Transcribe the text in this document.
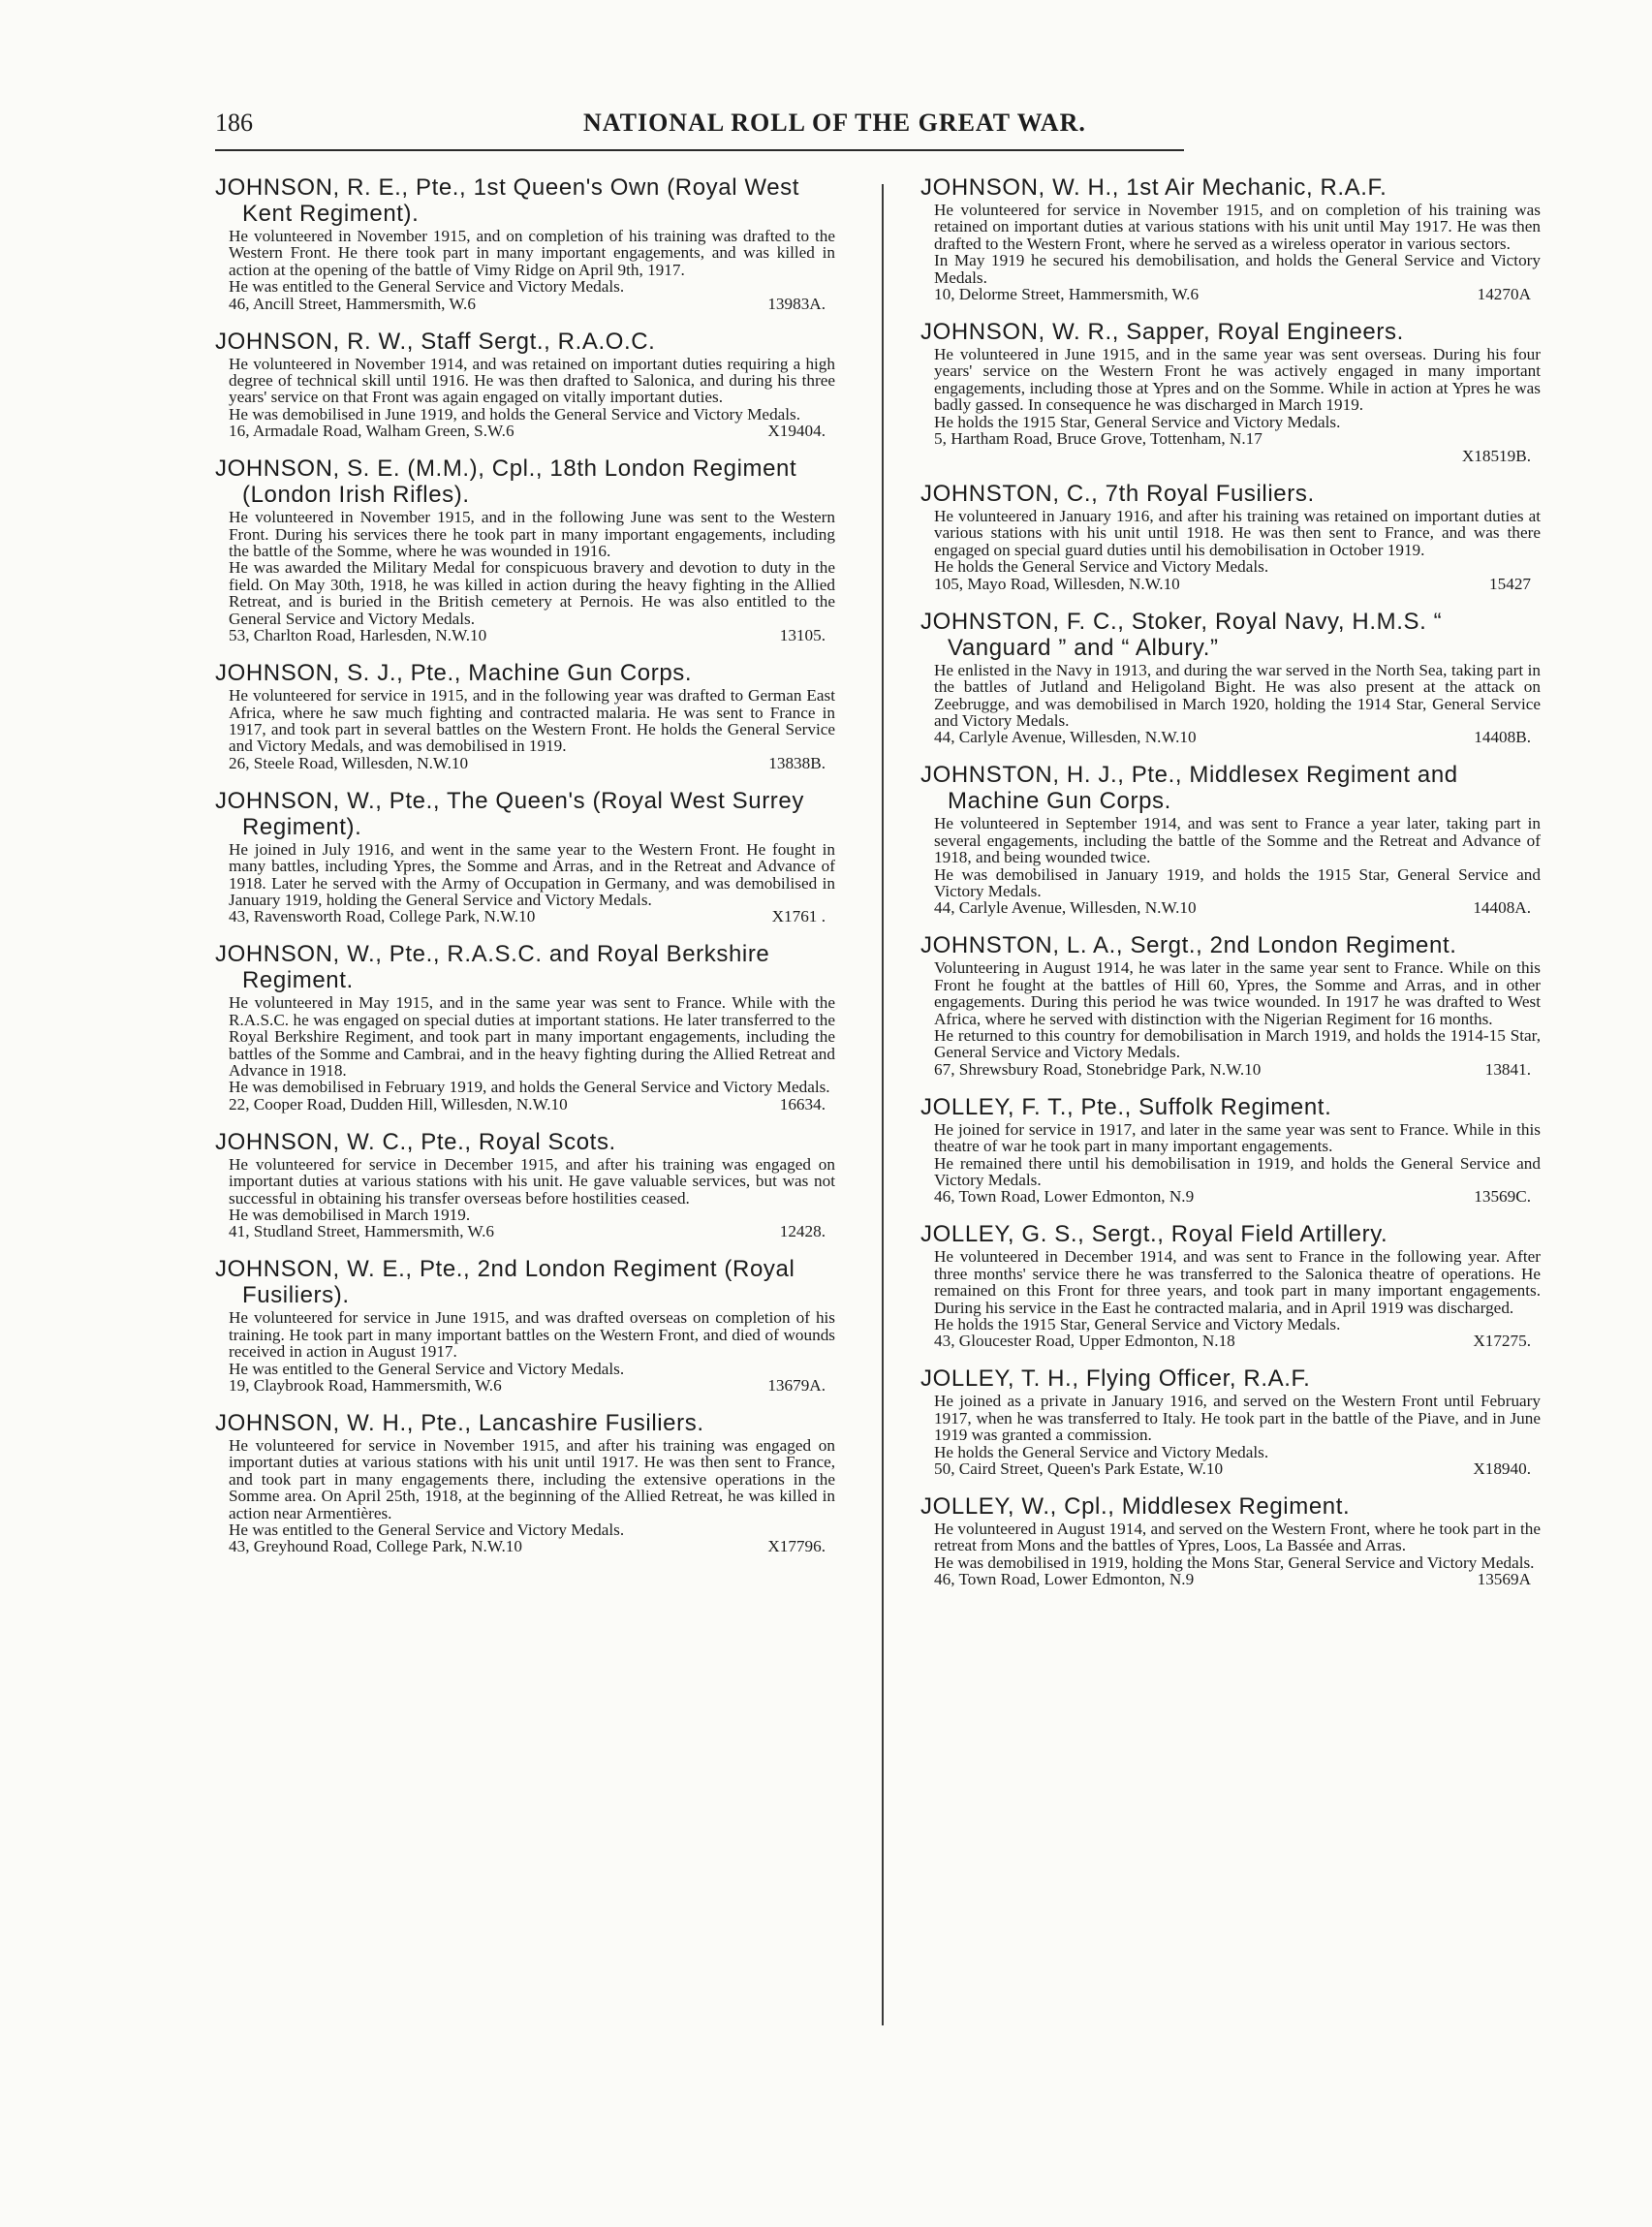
186	NATIONAL ROLL OF THE GREAT WAR.
JOHNSON, R. E., Pte., 1st Queen's Own (Royal West Kent Regiment).

He volunteered in November 1915, and on completion of his training was drafted to the Western Front. He there took part in many important engagements, and was killed in action at the opening of the battle of Vimy Ridge on April 9th, 1917.

He was entitled to the General Service and Victory Medals.

46, Ancill Street, Hammersmith, W.6	13983A.
JOHNSON, R. W., Staff Sergt., R.A.O.C.

He volunteered in November 1914, and was retained on important duties requiring a high degree of technical skill until 1916. He was then drafted to Salonica, and during his three years' service on that Front was again engaged on vitally important duties.

He was demobilised in June 1919, and holds the General Service and Victory Medals.

16, Armadale Road, Walham Green, S.W.6	X19404.
JOHNSON, S. E. (M.M.), Cpl., 18th London Regiment (London Irish Rifles).

He volunteered in November 1915, and in the following June was sent to the Western Front. During his services there he took part in many important engagements, including the battle of the Somme, where he was wounded in 1916.

He was awarded the Military Medal for conspicuous bravery and devotion to duty in the field. On May 30th, 1918, he was killed in action during the heavy fighting in the Allied Retreat, and is buried in the British cemetery at Pernois. He was also entitled to the General Service and Victory Medals.

53, Charlton Road, Harlesden, N.W.10	13105.
JOHNSON, S. J., Pte., Machine Gun Corps.

He volunteered for service in 1915, and in the following year was drafted to German East Africa, where he saw much fighting and contracted malaria. He was sent to France in 1917, and took part in several battles on the Western Front. He holds the General Service and Victory Medals, and was demobilised in 1919.

26, Steele Road, Willesden, N.W.10	13838B.
JOHNSON, W., Pte., The Queen's (Royal West Surrey Regiment).

He joined in July 1916, and went in the same year to the Western Front. He fought in many battles, including Ypres, the Somme and Arras, and in the Retreat and Advance of 1918. Later he served with the Army of Occupation in Germany, and was demobilised in January 1919, holding the General Service and Victory Medals.

43, Ravensworth Road, College Park, N.W.10	X1761 .
JOHNSON, W., Pte., R.A.S.C. and Royal Berkshire Regiment.

He volunteered in May 1915, and in the same year was sent to France. While with the R.A.S.C. he was engaged on special duties at important stations. He later transferred to the Royal Berkshire Regiment, and took part in many important engagements, including the battles of the Somme and Cambrai, and in the heavy fighting during the Allied Retreat and Advance in 1918.

He was demobilised in February 1919, and holds the General Service and Victory Medals.

22, Cooper Road, Dudden Hill, Willesden, N.W.10	16634.
JOHNSON, W. C., Pte., Royal Scots.

He volunteered for service in December 1915, and after his training was engaged on important duties at various stations with his unit. He gave valuable services, but was not successful in obtaining his transfer overseas before hostilities ceased.

He was demobilised in March 1919.

41, Studland Street, Hammersmith, W.6	12428.
JOHNSON, W. E., Pte., 2nd London Regiment (Royal Fusiliers).

He volunteered for service in June 1915, and was drafted overseas on completion of his training. He took part in many important battles on the Western Front, and died of wounds received in action in August 1917.

He was entitled to the General Service and Victory Medals.

19, Claybrook Road, Hammersmith, W.6	13679A.
JOHNSON, W. H., Pte., Lancashire Fusiliers.

He volunteered for service in November 1915, and after his training was engaged on important duties at various stations with his unit until 1917. He was then sent to France, and took part in many engagements there, including the extensive operations in the Somme area. On April 25th, 1918, at the beginning of the Allied Retreat, he was killed in action near Armentières.

He was entitled to the General Service and Victory Medals.

43, Greyhound Road, College Park, N.W.10	X17796.
JOHNSON, W. H., 1st Air Mechanic, R.A.F.

He volunteered for service in November 1915, and on completion of his training was retained on important duties at various stations with his unit until May 1917. He was then drafted to the Western Front, where he served as a wireless operator in various sectors.

In May 1919 he secured his demobilisation, and holds the General Service and Victory Medals.

10, Delorme Street, Hammersmith, W.6	14270A
JOHNSON, W. R., Sapper, Royal Engineers.

He volunteered in June 1915, and in the same year was sent overseas. During his four years' service on the Western Front he was actively engaged in many important engagements, including those at Ypres and on the Somme. While in action at Ypres he was badly gassed. In consequence he was discharged in March 1919.

He holds the 1915 Star, General Service and Victory Medals.

5, Hartham Road, Bruce Grove, Tottenham, N.17
X18519B.
JOHNSTON, C., 7th Royal Fusiliers.

He volunteered in January 1916, and after his training was retained on important duties at various stations with his unit until 1918. He was then sent to France, and was there engaged on special guard duties until his demobilisation in October 1919.

He holds the General Service and Victory Medals.

105, Mayo Road, Willesden, N.W.10	15427
JOHNSTON, F. C., Stoker, Royal Navy, H.M.S. “ Vanguard ” and “ Albury.”

He enlisted in the Navy in 1913, and during the war served in the North Sea, taking part in the battles of Jutland and Heligoland Bight. He was also present at the attack on Zeebrugge, and was demobilised in March 1920, holding the 1914 Star, General Service and Victory Medals.

44, Carlyle Avenue, Willesden, N.W.10	14408B.
JOHNSTON, H. J., Pte., Middlesex Regiment and Machine Gun Corps.

He volunteered in September 1914, and was sent to France a year later, taking part in several engagements, including the battle of the Somme and the Retreat and Advance of 1918, and being wounded twice.

He was demobilised in January 1919, and holds the 1915 Star, General Service and Victory Medals.

44, Carlyle Avenue, Willesden, N.W.10	14408A.
JOHNSTON, L. A., Sergt., 2nd London Regiment.

Volunteering in August 1914, he was later in the same year sent to France. While on this Front he fought at the battles of Hill 60, Ypres, the Somme and Arras, and in other engagements. During this period he was twice wounded. In 1917 he was drafted to West Africa, where he served with distinction with the Nigerian Regiment for 16 months.

He returned to this country for demobilisation in March 1919, and holds the 1914-15 Star, General Service and Victory Medals.

67, Shrewsbury Road, Stonebridge Park, N.W.10	13841.
JOLLEY, F. T., Pte., Suffolk Regiment.

He joined for service in 1917, and later in the same year was sent to France. While in this theatre of war he took part in many important engagements.

He remained there until his demobilisation in 1919, and holds the General Service and Victory Medals.

46, Town Road, Lower Edmonton, N.9	13569C.
JOLLEY, G. S., Sergt., Royal Field Artillery.

He volunteered in December 1914, and was sent to France in the following year. After three months' service there he was transferred to the Salonica theatre of operations. He remained on this Front for three years, and took part in many important engagements. During his service in the East he contracted malaria, and in April 1919 was discharged.

He holds the 1915 Star, General Service and Victory Medals.

43, Gloucester Road, Upper Edmonton, N.18	X17275.
JOLLEY, T. H., Flying Officer, R.A.F.

He joined as a private in January 1916, and served on the Western Front until February 1917, when he was transferred to Italy. He took part in the battle of the Piave, and in June 1919 was granted a commission.

He holds the General Service and Victory Medals.

50, Caird Street, Queen's Park Estate, W.10	X18940.
JOLLEY, W., Cpl., Middlesex Regiment.

He volunteered in August 1914, and served on the Western Front, where he took part in the retreat from Mons and the battles of Ypres, Loos, La Bassée and Arras.

He was demobilised in 1919, holding the Mons Star, General Service and Victory Medals.

46, Town Road, Lower Edmonton, N.9	13569A
